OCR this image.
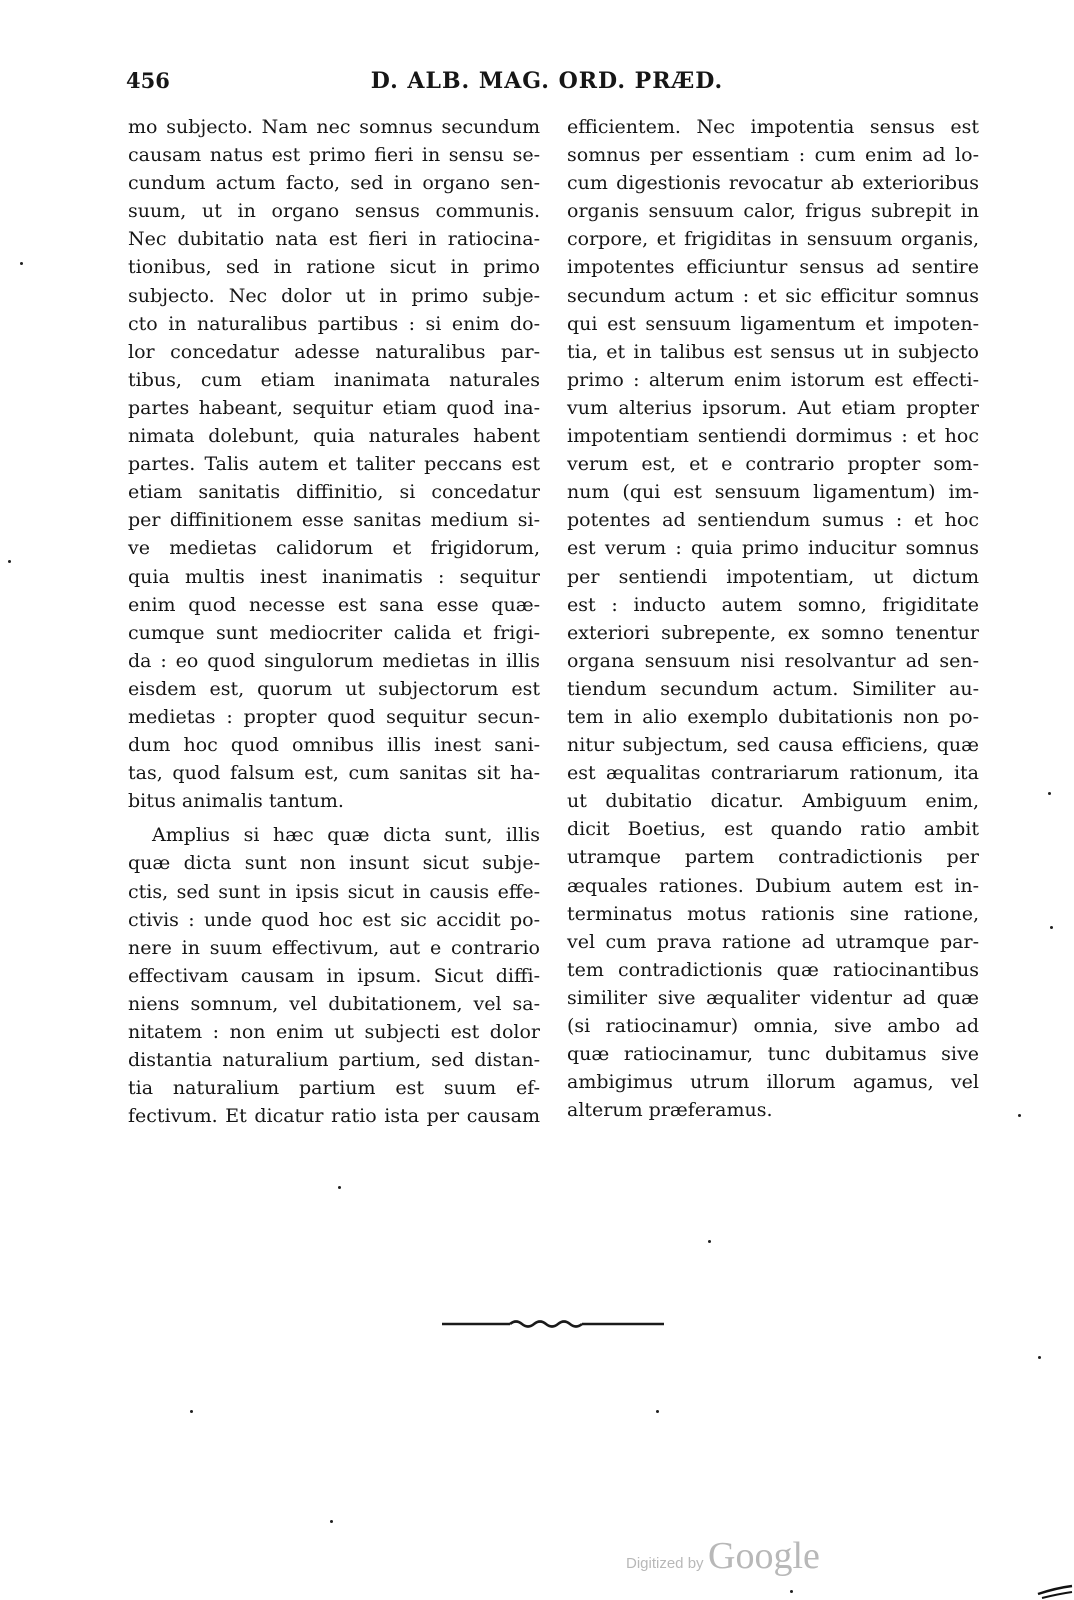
456	D. ALB. MAG. ORD. PRÆD.
mo subjecto. Nam nec somnus secundum
causam natus est primo fieri in sensu se-
cundum actum facto, sed in organo sen-
suum, ut in organo sensus communis.
Nec dubitatio nata est fieri in ratiocina-
tionibus, sed in ratione sicut in primo
subjecto. Nec dolor ut in primo subje-
cto in naturalibus partibus : si enim do-
lor concedatur adesse naturalibus par-
tibus, cum etiam inanimata naturales
partes habeant, sequitur etiam quod ina-
nimata dolebunt, quia naturales habent
partes. Talis autem et taliter peccans est
etiam sanitatis diffinitio, si concedatur
per diffinitionem esse sanitas medium si-
ve medietas calidorum et frigidorum,
quia multis inest inanimatis : sequitur
enim quod necesse est sana esse quæ-
cumque sunt mediocriter calida et frigi-
da : eo quod singulorum medietas in illis
eisdem est, quorum ut subjectorum est
medietas : propter quod sequitur secun-
dum hoc quod omnibus illis inest sani-
tas, quod falsum est, cum sanitas sit ha-
bitus animalis tantum.
Amplius si hæc quæ dicta sunt, illis
quæ dicta sunt non insunt sicut subje-
ctis, sed sunt in ipsis sicut in causis effe-
ctivis : unde quod hoc est sic accidit po-
nere in suum effectivum, aut e contrario
effectivam causam in ipsum. Sicut diffi-
niens somnum, vel dubitationem, vel sa-
nitatem : non enim ut subjecti est dolor
distantia naturalium partium, sed distan-
tia naturalium partium est suum ef-
fectivum. Et dicatur ratio ista per causam
efficientem. Nec impotentia sensus est
somnus per essentiam : cum enim ad lo-
cum digestionis revocatur ab exterioribus
organis sensuum calor, frigus subrepit in
corpore, et frigiditas in sensuum organis,
impotentes efficiuntur sensus ad sentire
secundum actum : et sic efficitur somnus
qui est sensuum ligamentum et impoten-
tia, et in talibus est sensus ut in subjecto
primo : alterum enim istorum est effecti-
vum alterius ipsorum. Aut etiam propter
impotentiam sentiendi dormimus : et hoc
verum est, et e contrario propter som-
num (qui est sensuum ligamentum) im-
potentes ad sentiendum sumus : et hoc
est verum : quia primo inducitur somnus
per sentiendi impotentiam, ut dictum
est : inducto autem somno, frigiditate
exteriori subrepente, ex somno tenentur
organa sensuum nisi resolvantur ad sen-
tiendum secundum actum. Similiter au-
tem in alio exemplo dubitationis non po-
nitur subjectum, sed causa efficiens, quæ
est æqualitas contrariarum rationum, ita
ut dubitatio dicatur. Ambiguum enim,
dicit Boetius, est quando ratio ambit
utramque partem contradictionis per
æquales rationes. Dubium autem est in-
terminatus motus rationis sine ratione,
vel cum prava ratione ad utramque par-
tem contradictionis quæ ratiocinantibus
similiter sive æqualiter videntur ad quæ
(si ratiocinamur) omnia, sive ambo ad
quæ ratiocinamur, tunc dubitamus sive
ambigimus utrum illorum agamus, vel
alterum præferamus.
Digitized by Google
